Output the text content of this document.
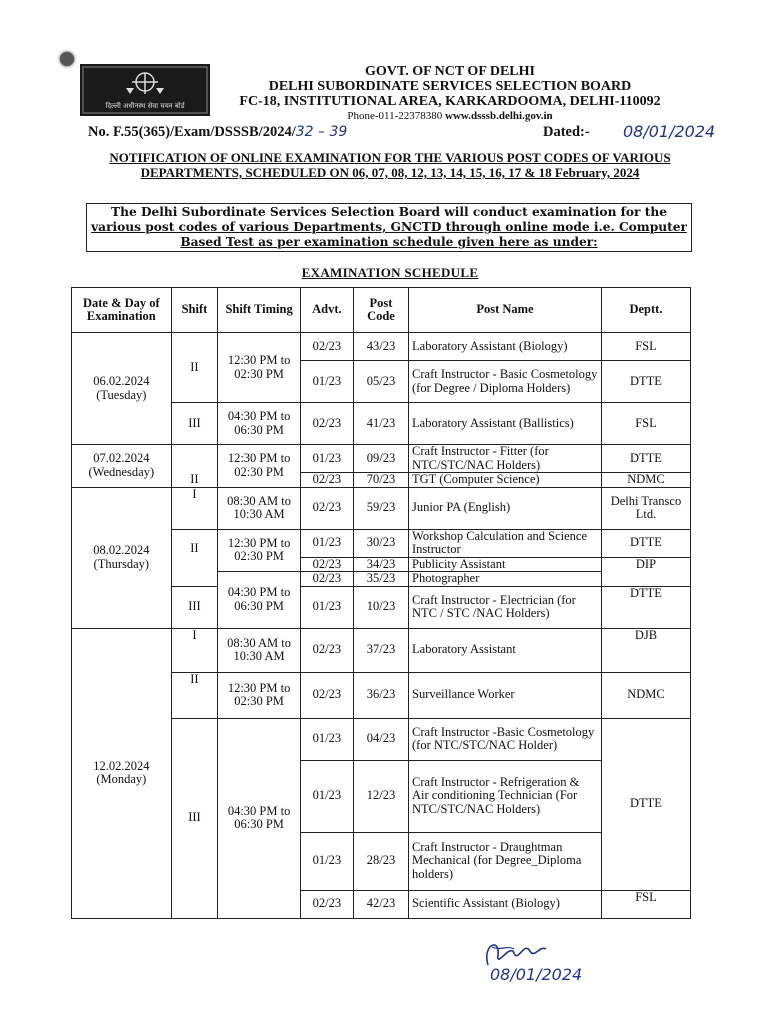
दिल्ली अधीनस्थ सेवा चयन बोर्ड
GOVT. OF NCT OF DELHI
DELHI SUBORDINATE SERVICES SELECTION BOARD
FC-18, INSTITUTIONAL AREA, KARKARDOOMA, DELHI-110092
Phone-011-22378380 www.dsssb.delhi.gov.in
No. F.55(365)/Exam/DSSSB/2024/32 – 39	Dated:- 08/01/2024
NOTIFICATION OF ONLINE EXAMINATION FOR THE VARIOUS POST CODES OF VARIOUS DEPARTMENTS, SCHEDULED ON 06, 07, 08, 12, 13, 14, 15, 16, 17 & 18 February, 2024
The Delhi Subordinate Services Selection Board will conduct examination for the
various post codes of various Departments, GNCTD through online mode i.e. Computer Based Test as per examination schedule given here as under:
EXAMINATION SCHEDULE
Date & Day of Examination	Shift	Shift Timing	Advt.	Post Code	Post Name	Deptt.
06.02.2024 (Tuesday)	II	12:30 PM to 02:30 PM	02/23	43/23	Laboratory Assistant (Biology)	FSL
			01/23	05/23	Craft Instructor - Basic Cosmetology (for Degree / Diploma Holders)	DTTE
	III	04:30 PM to 06:30 PM	02/23	41/23	Laboratory Assistant (Ballistics)	FSL
07.02.2024 (Wednesday)	II	12:30 PM to 02:30 PM	01/23	09/23	Craft Instructor - Fitter (for NTC/STC/NAC Holders)	DTTE
			02/23	70/23	TGT (Computer Science)	NDMC
08.02.2024 (Thursday)	I	08:30 AM to 10:30 AM	02/23	59/23	Junior PA (English)	Delhi Transco Ltd.
	II	12:30 PM to 02:30 PM	01/23	30/23	Workshop Calculation and Science Instructor	DTTE
			02/23	34/23	Publicity Assistant	DIP
		04:30 PM to 06:30 PM	02/23	35/23	Photographer	
	III		01/23	10/23	Craft Instructor - Electrician (for NTC / STC /NAC Holders)	DTTE
12.02.2024 (Monday)	I	08:30 AM to 10:30 AM	02/23	37/23	Laboratory Assistant	DJB
	II	12:30 PM to 02:30 PM	02/23	36/23	Surveillance Worker	NDMC
	III	04:30 PM to 06:30 PM	01/23	04/23	Craft Instructor -Basic Cosmetology (for NTC/STC/NAC Holder)	DTTE
			01/23	12/23	Craft Instructor - Refrigeration & Air conditioning Technician (For NTC/STC/NAC Holders)	
			01/23	28/23	Craft Instructor - Draughtman Mechanical (for Degree_Diploma holders)	
			02/23	42/23	Scientific Assistant (Biology)	FSL
08/01/2024
